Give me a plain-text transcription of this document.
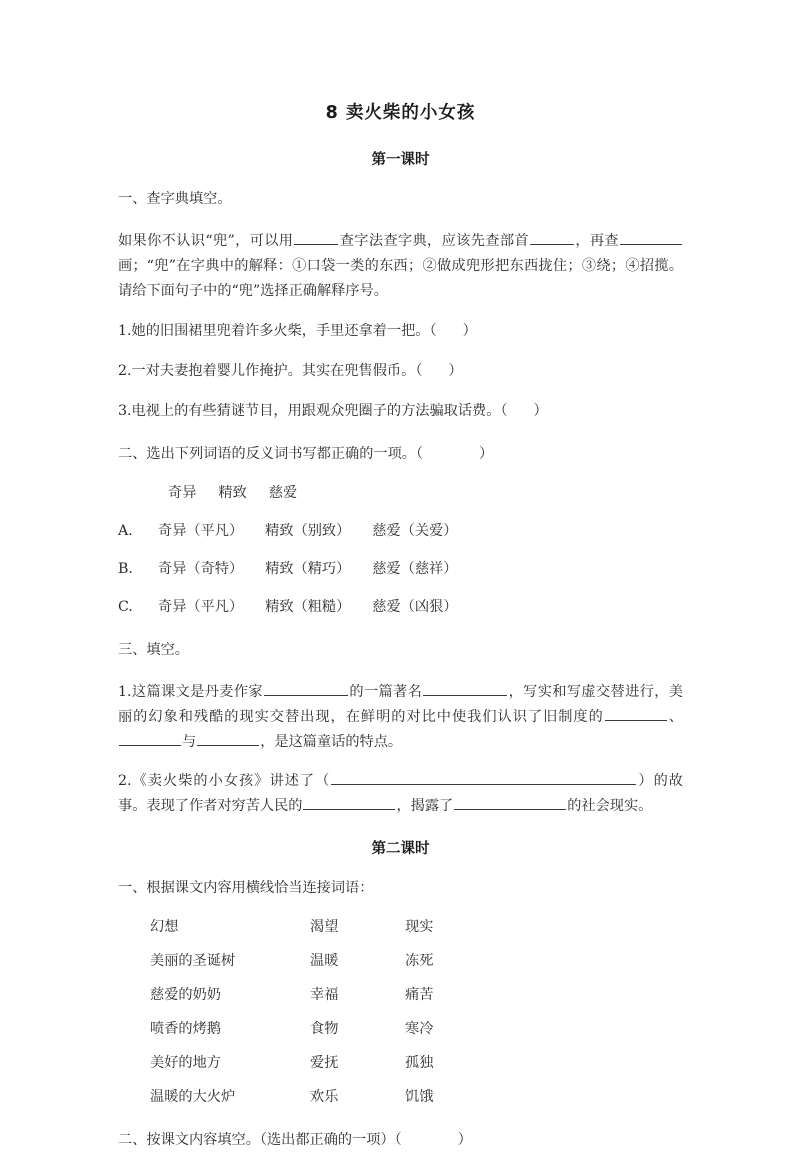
8 卖火柴的小女孩
第一课时
一、查字典填空。
如果你不认识“兜”，可以用	查字法查字典，应该先查部首	，再查画；“兜”在字典中的解释：①口袋一类的东西；②做成兜形把东西拢住；③绕；④招揽。请给下面句子中的“兜”选择正确解释序号。
1.她的旧围裙里兜着许多火柴，手里还拿着一把。（ ）
2.一对夫妻抱着婴儿作掩护。其实在兜售假币。（ ）
3.电视上的有些猜谜节目，用跟观众兜圈子的方法骗取话费。（ ）
二、选出下列词语的反义词书写都正确的一项。（	）
奇异 精致 慈爱
A.	奇异（平凡） 精致（别致） 慈爱（关爱）
B.	奇异（奇特） 精致（精巧） 慈爱（慈祥）
C.	奇异（平凡） 精致（粗糙） 慈爱（凶狠）
三、填空。
1.这篇课文是丹麦作家	的一篇著名	，写实和写虚交替进行，美丽的幻象和残酷的现实交替出现，在鲜明的对比中使我们认识了旧制度的	、与	，是这篇童话的特点。
2.《卖火柴的小女孩》讲述了（	）的故事。表现了作者对穷苦人民的	，揭露了	的社会现实。
第二课时
一、根据课文内容用横线恰当连接词语：
幻想	渴望	现实
美丽的圣诞树	温暖	冻死
慈爱的奶奶	幸福	痛苦
喷香的烤鹅	食物	寒冷
美好的地方	爱抚	孤独
温暖的大火炉	欢乐	饥饿
二、按课文内容填空。（选出都正确的一项）（	）
